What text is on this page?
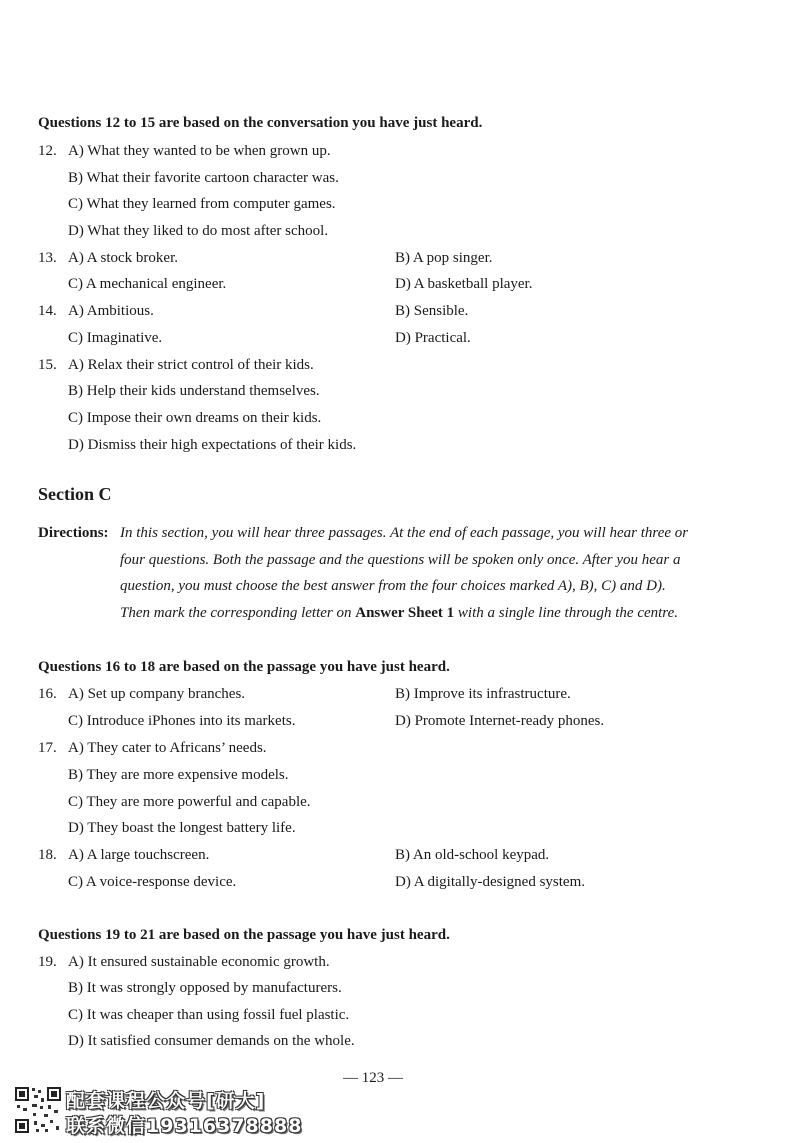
Questions 12 to 15 are based on the conversation you have just heard.
12. A) What they wanted to be when grown up.
B) What their favorite cartoon character was.
C) What they learned from computer games.
D) What they liked to do most after school.
13. A) A stock broker.	B) A pop singer.
C) A mechanical engineer.	D) A basketball player.
14. A) Ambitious.	B) Sensible.
C) Imaginative.	D) Practical.
15. A) Relax their strict control of their kids.
B) Help their kids understand themselves.
C) Impose their own dreams on their kids.
D) Dismiss their high expectations of their kids.
Section C
Directions: In this section, you will hear three passages. At the end of each passage, you will hear three or
four questions. Both the passage and the questions will be spoken only once. After you hear a
question, you must choose the best answer from the four choices marked A), B), C) and D).
Then mark the corresponding letter on Answer Sheet 1 with a single line through the centre.
Questions 16 to 18 are based on the passage you have just heard.
16. A) Set up company branches.	B) Improve its infrastructure.
C) Introduce iPhones into its markets.	D) Promote Internet-ready phones.
17. A) They cater to Africans’ needs.
B) They are more expensive models.
C) They are more powerful and capable.
D) They boast the longest battery life.
18. A) A large touchscreen.	B) An old-school keypad.
C) A voice-response device.	D) A digitally-designed system.
Questions 19 to 21 are based on the passage you have just heard.
19. A) It ensured sustainable economic growth.
B) It was strongly opposed by manufacturers.
C) It was cheaper than using fossil fuel plastic.
D) It satisfied consumer demands on the whole.
— 123 —
配套课程公众号[研大]
联系微信19316378888
